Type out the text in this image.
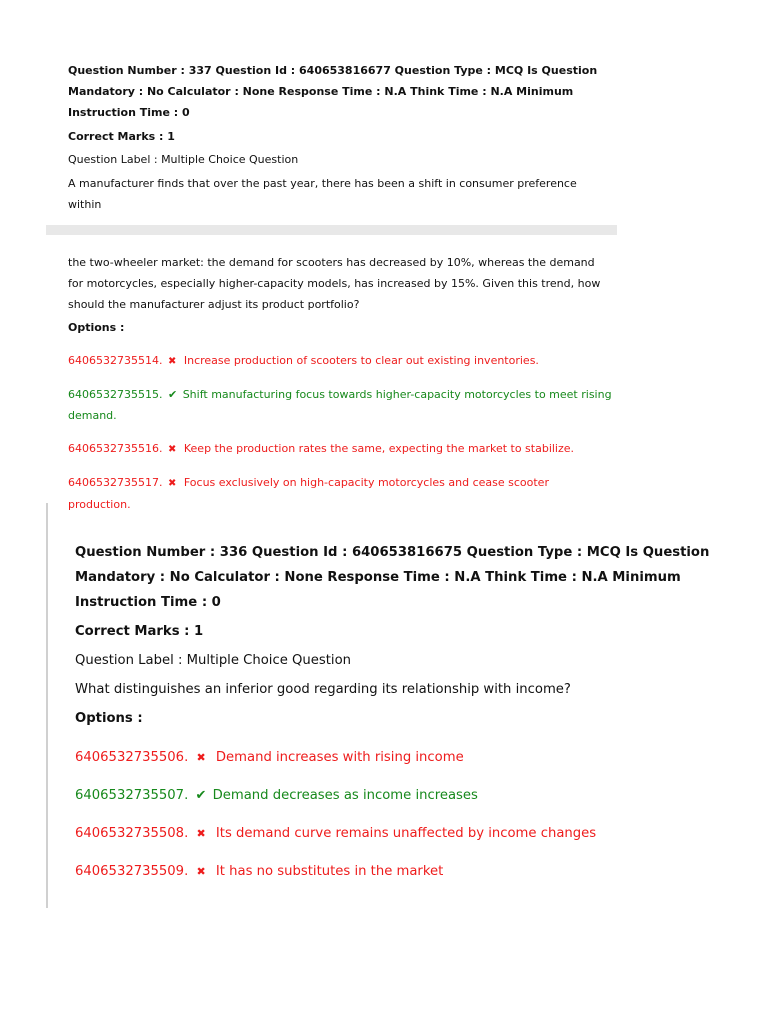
Question Number : 337 Question Id : 640653816677 Question Type : MCQ Is Question Mandatory : No Calculator : None Response Time : N.A Think Time : N.A Minimum Instruction Time : 0
Correct Marks : 1
Question Label : Multiple Choice Question
A manufacturer finds that over the past year, there has been a shift in consumer preference within
the two-wheeler market: the demand for scooters has decreased by 10%, whereas the demand for motorcycles, especially higher-capacity models, has increased by 15%. Given this trend, how should the manufacturer adjust its product portfolio?
Options :
6406532735514. ✖ Increase production of scooters to clear out existing inventories.
6406532735515. ✔ Shift manufacturing focus towards higher-capacity motorcycles to meet rising demand.
6406532735516. ✖ Keep the production rates the same, expecting the market to stabilize.
6406532735517. ✖ Focus exclusively on high-capacity motorcycles and cease scooter production.
Question Number : 336 Question Id : 640653816675 Question Type : MCQ Is Question Mandatory : No Calculator : None Response Time : N.A Think Time : N.A Minimum Instruction Time : 0
Correct Marks : 1
Question Label : Multiple Choice Question
What distinguishes an inferior good regarding its relationship with income?
Options :
6406532735506. ✖ Demand increases with rising income
6406532735507. ✔ Demand decreases as income increases
6406532735508. ✖ Its demand curve remains unaffected by income changes
6406532735509. ✖ It has no substitutes in the market
